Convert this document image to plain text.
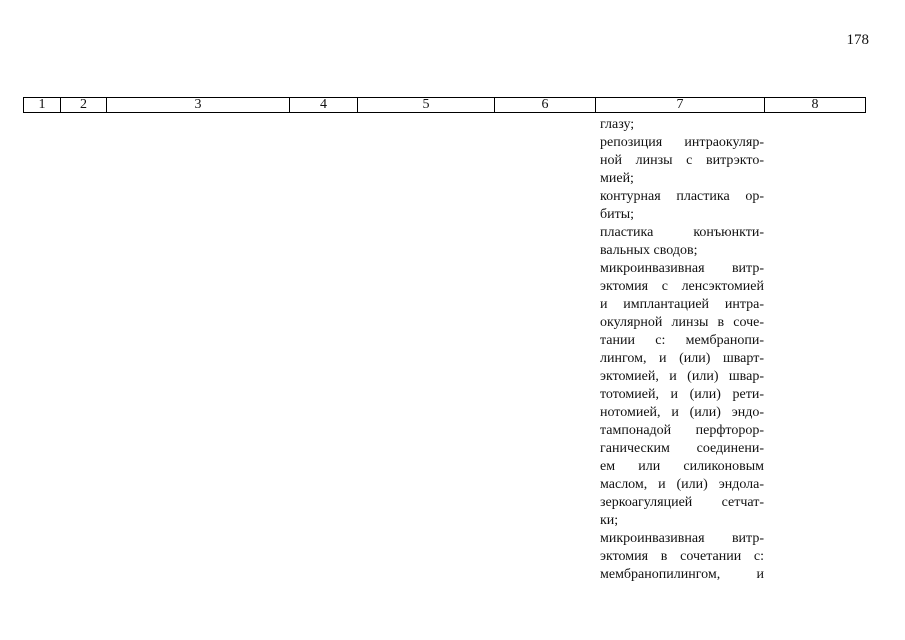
178
1	2	3	4	5	6	7	8
глазу;
репозиция интраокуляр-
ной линзы с витрэкто-
мией;
контурная пластика ор-
биты;
пластика конъюнкти-
вальных сводов;
микроинвазивная витр-
эктомия с ленсэктомией
и имплантацией интра-
окулярной линзы в соче-
тании с: мембранопи-
лингом, и (или) шварт-
эктомией, и (или) швар-
тотомией, и (или) рети-
нотомией, и (или) эндо-
тампонадой перфторор-
ганическим соединени-
ем или силиконовым
маслом, и (или) эндола-
зеркоагуляцией сетчат-
ки;
микроинвазивная витр-
эктомия в сочетании с:
мембранопилингом, и
